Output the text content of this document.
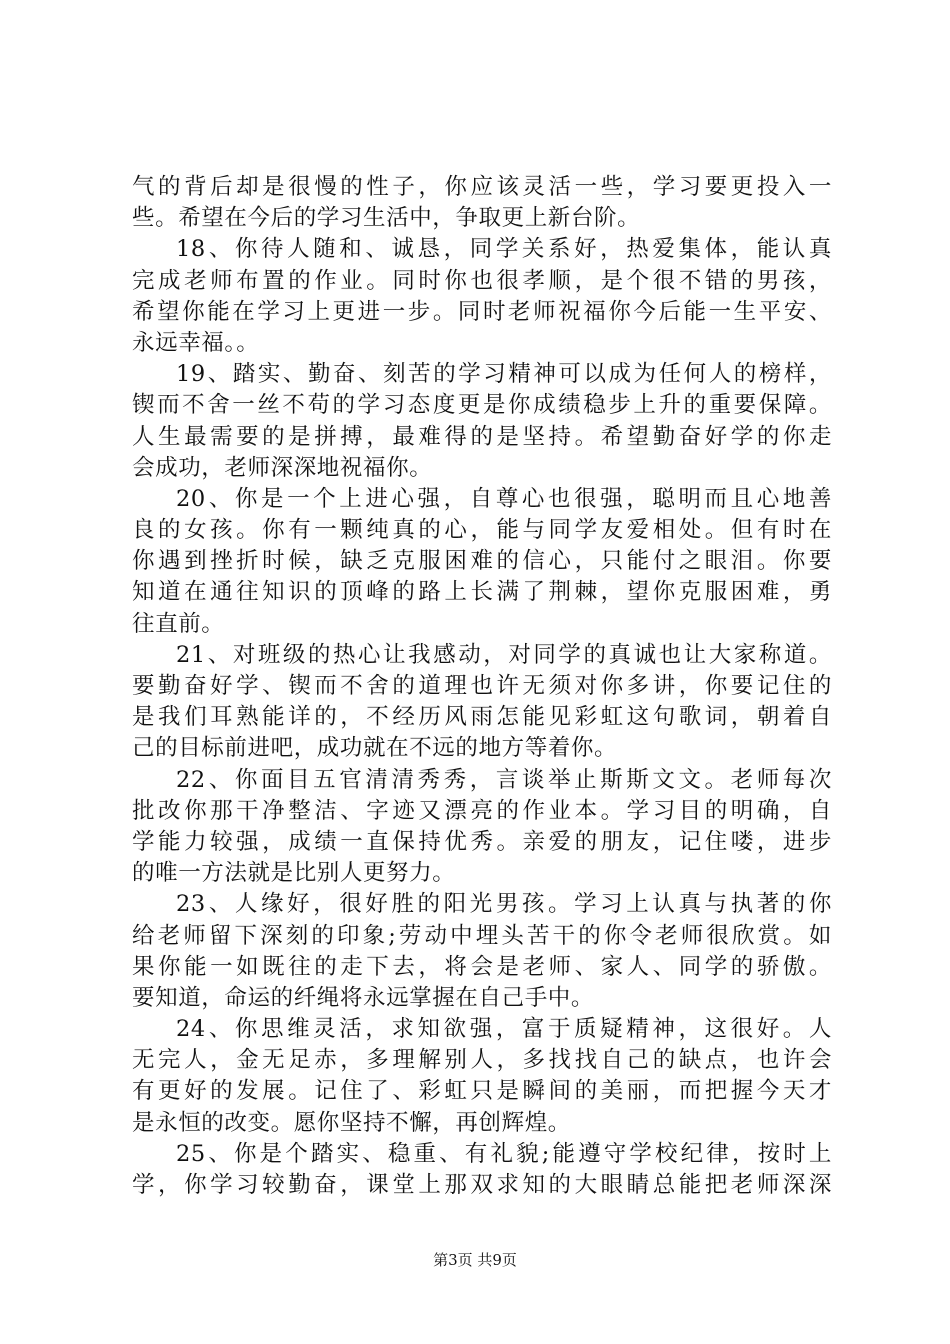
气的背后却是很慢的性子，你应该灵活一些，学习要更投入一
些。希望在今后的学习生活中，争取更上新台阶。
18、你待人随和、诚恳，同学关系好，热爱集体，能认真
完成老师布置的作业。同时你也很孝顺，是个很不错的男孩，
希望你能在学习上更进一步。同时老师祝福你今后能一生平安、
永远幸福。。
19、踏实、勤奋、刻苦的学习精神可以成为任何人的榜样，
锲而不舍一丝不苟的学习态度更是你成绩稳步上升的重要保障。
人生最需要的是拼搏，最难得的是坚持。希望勤奋好学的你走
会成功，老师深深地祝福你。
20、你是一个上进心强，自尊心也很强，聪明而且心地善
良的女孩。你有一颗纯真的心，能与同学友爱相处。但有时在
你遇到挫折时候，缺乏克服困难的信心，只能付之眼泪。你要
知道在通往知识的顶峰的路上长满了荆棘，望你克服困难，勇
往直前。
21、对班级的热心让我感动，对同学的真诚也让大家称道。
要勤奋好学、锲而不舍的道理也许无须对你多讲，你要记住的
是我们耳熟能详的，不经历风雨怎能见彩虹这句歌词，朝着自
己的目标前进吧，成功就在不远的地方等着你。
22、你面目五官清清秀秀，言谈举止斯斯文文。老师每次
批改你那干净整洁、字迹又漂亮的作业本。学习目的明确，自
学能力较强，成绩一直保持优秀。亲爱的朋友，记住喽，进步
的唯一方法就是比别人更努力。
23、人缘好，很好胜的阳光男孩。学习上认真与执著的你
给老师留下深刻的印象;劳动中埋头苦干的你令老师很欣赏。如
果你能一如既往的走下去，将会是老师、家人、同学的骄傲。
要知道，命运的纤绳将永远掌握在自己手中。
24、你思维灵活，求知欲强，富于质疑精神，这很好。人
无完人，金无足赤，多理解别人，多找找自己的缺点，也许会
有更好的发展。记住了、彩虹只是瞬间的美丽，而把握今天才
是永恒的改变。愿你坚持不懈，再创辉煌。
25、你是个踏实、稳重、有礼貌;能遵守学校纪律，按时上
学，你学习较勤奋，课堂上那双求知的大眼睛总能把老师深深
第3页 共9页
